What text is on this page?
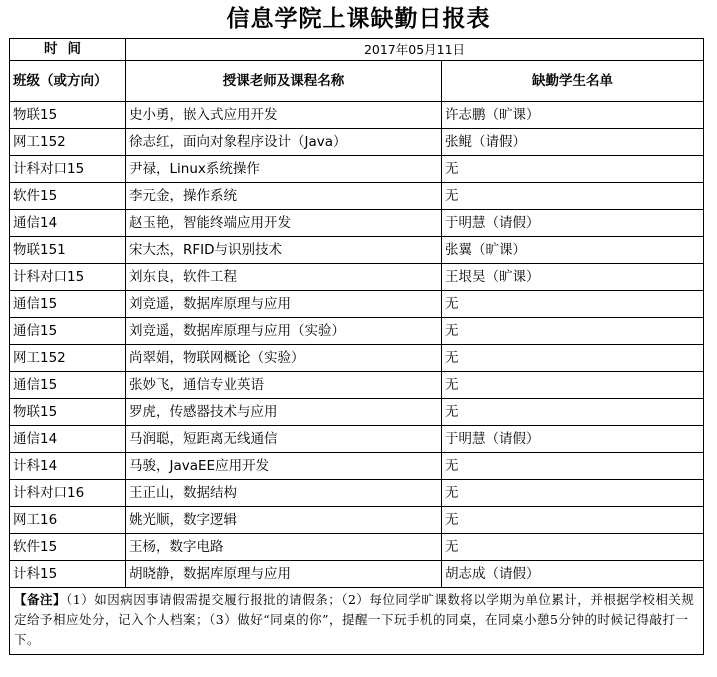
信息学院上课缺勤日报表
时间	2017年05月11日	
班级（或方向）	授课老师及课程名称	缺勤学生名单
物联15	史小勇，嵌入式应用开发	许志鹏（旷课）
网工152	徐志红，面向对象程序设计（Java）	张鲲（请假）
计科对口15	尹禄，Linux系统操作	无
软件15	李元金，操作系统	无
通信14	赵玉艳，智能终端应用开发	于明慧（请假）
物联151	宋大杰，RFID与识别技术	张翼（旷课）
计科对口15	刘东良，软件工程	王垠昊（旷课）
通信15	刘竞遥，数据库原理与应用	无
通信15	刘竞遥，数据库原理与应用（实验）	无
网工152	尚翠娟，物联网概论（实验）	无
通信15	张妙飞，通信专业英语	无
物联15	罗虎，传感器技术与应用	无
通信14	马润聪，短距离无线通信	于明慧（请假）
计科14	马骏，JavaEE应用开发	无
计科对口16	王正山，数据结构	无
网工16	姚光顺，数字逻辑	无
软件15	王杨，数字电路	无
计科15	胡晓静，数据库原理与应用	胡志成（请假）
【备注】（1）如因病因事请假需提交履行报批的请假条；（2）每位同学旷课数将以学期为单位累计，并根据学校相关规定给予相应处分，记入个人档案；（3）做好“同桌的你”，提醒一下玩手机的同桌，在同桌小憩5分钟的时候记得敲打一下。		
